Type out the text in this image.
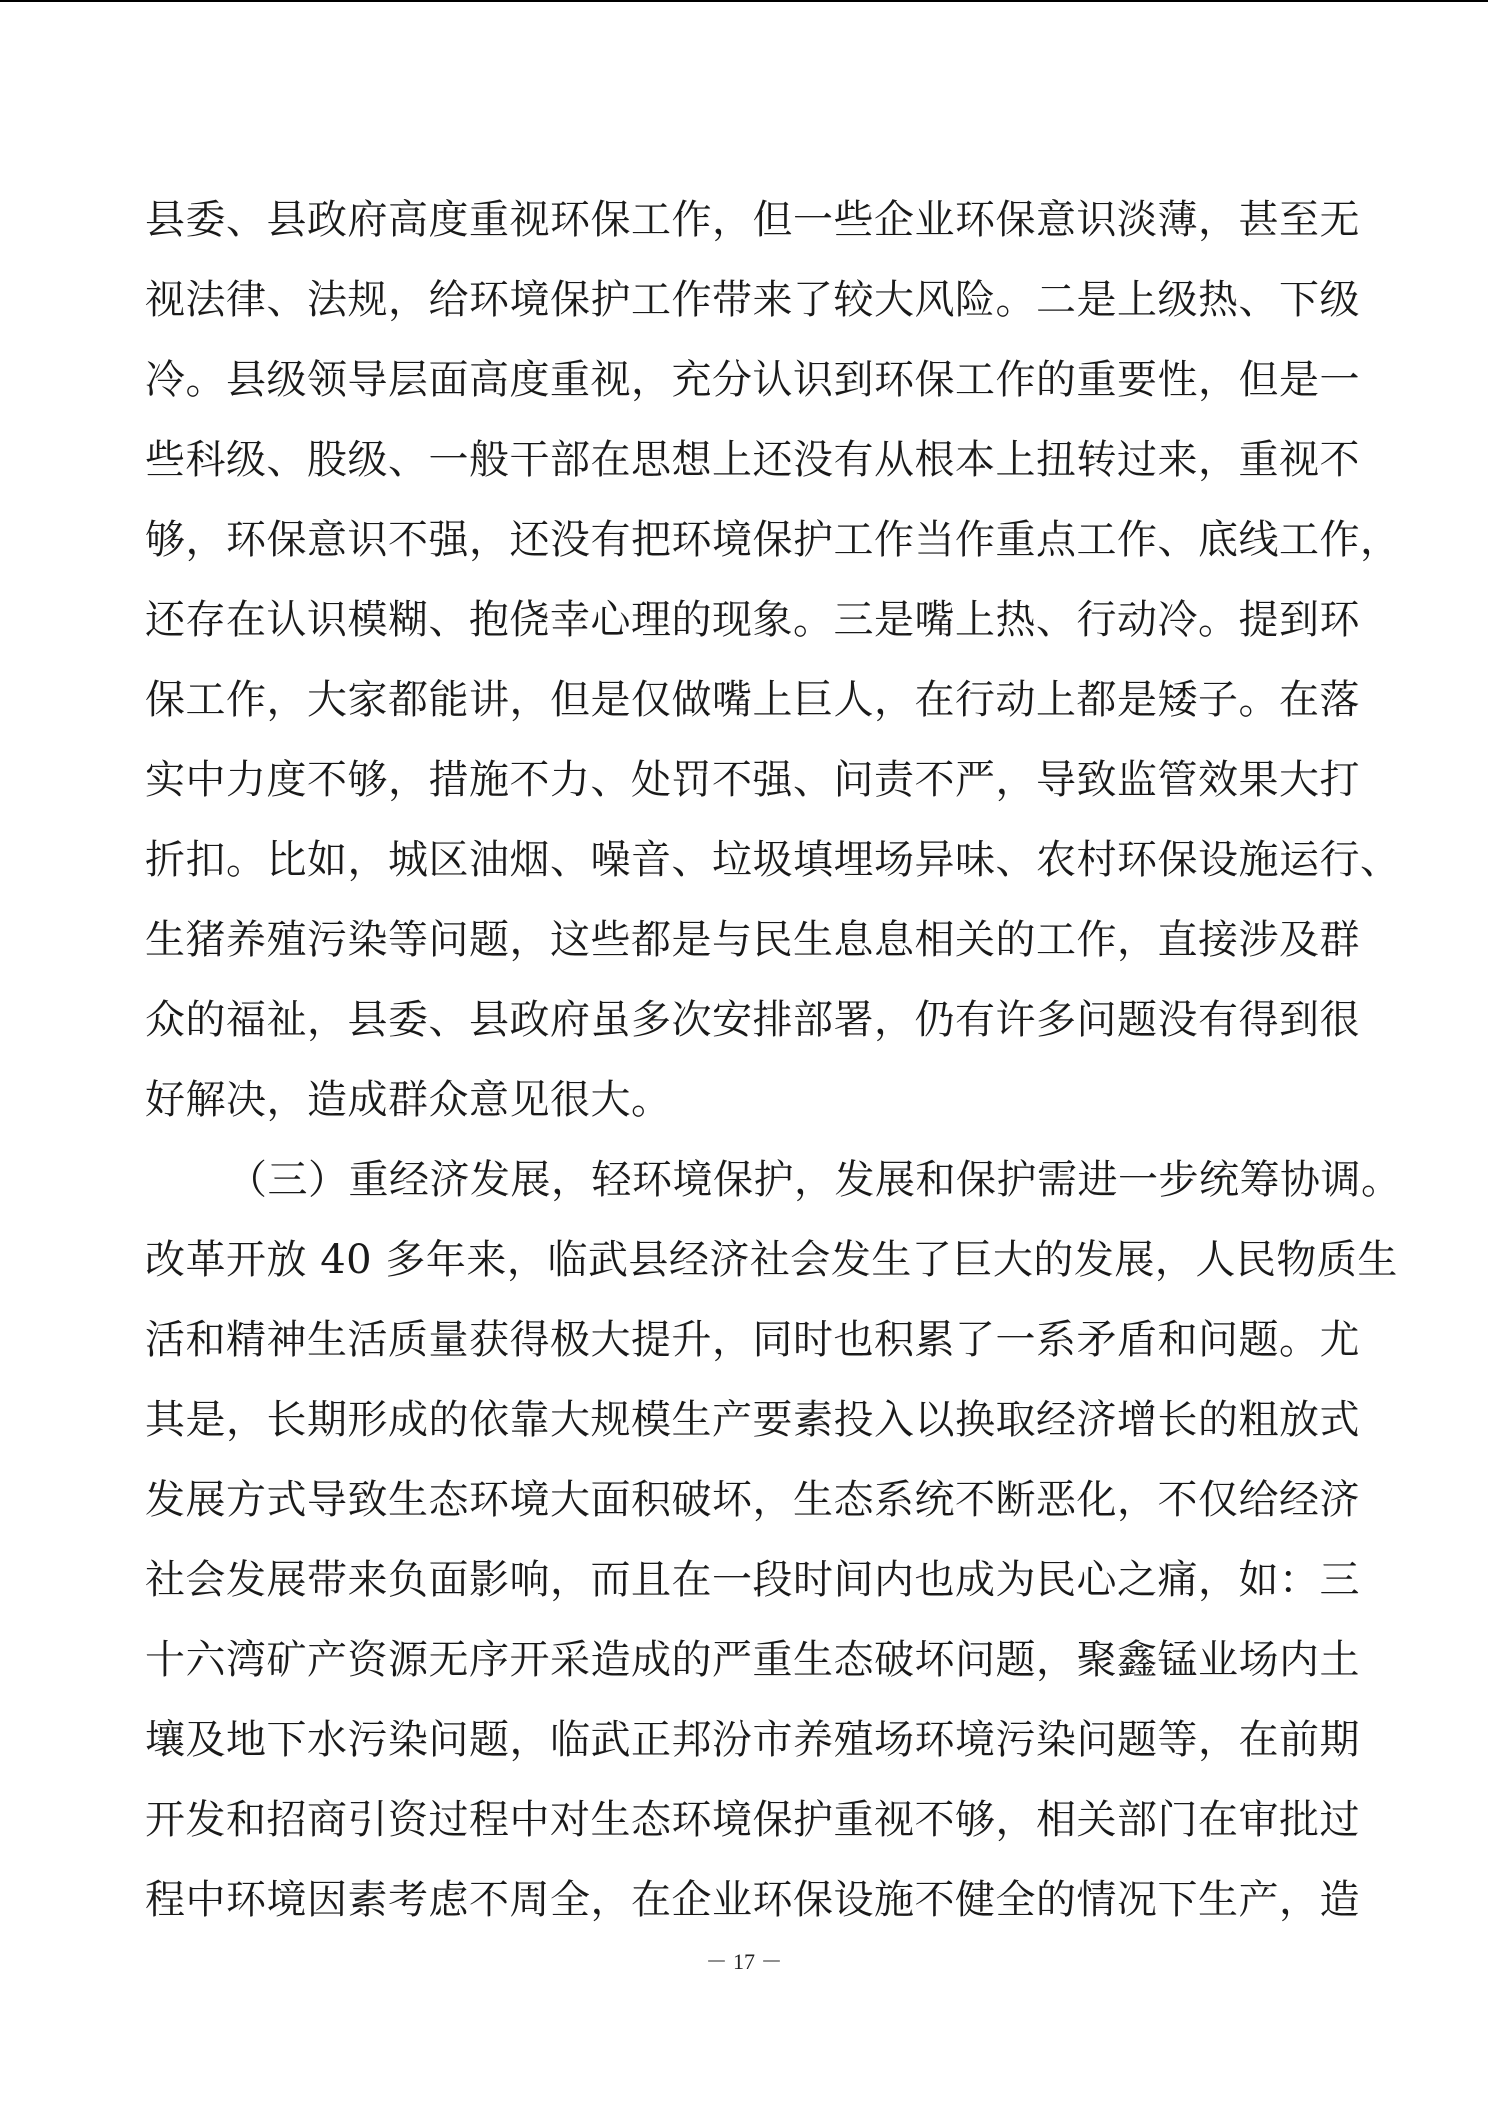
县委、县政府高度重视环保工作，但一些企业环保意识淡薄，甚至无
视法律、法规，给环境保护工作带来了较大风险。二是上级热、下级
冷。县级领导层面高度重视，充分认识到环保工作的重要性，但是一
些科级、股级、一般干部在思想上还没有从根本上扭转过来，重视不
够，环保意识不强，还没有把环境保护工作当作重点工作、底线工作，
还存在认识模糊、抱侥幸心理的现象。三是嘴上热、行动冷。提到环
保工作，大家都能讲，但是仅做嘴上巨人，在行动上都是矮子。在落
实中力度不够，措施不力、处罚不强、问责不严，导致监管效果大打
折扣。比如，城区油烟、噪音、垃圾填埋场异味、农村环保设施运行、
生猪养殖污染等问题，这些都是与民生息息相关的工作，直接涉及群
众的福祉，县委、县政府虽多次安排部署，仍有许多问题没有得到很
好解决，造成群众意见很大。
（三）重经济发展，轻环境保护，发展和保护需进一步统筹协调。
改革开放 40 多年来，临武县经济社会发生了巨大的发展，人民物质生
活和精神生活质量获得极大提升，同时也积累了一系矛盾和问题。尤
其是，长期形成的依靠大规模生产要素投入以换取经济增长的粗放式
发展方式导致生态环境大面积破坏，生态系统不断恶化，不仅给经济
社会发展带来负面影响，而且在一段时间内也成为民心之痛，如：三
十六湾矿产资源无序开采造成的严重生态破坏问题，聚鑫锰业场内土
壤及地下水污染问题，临武正邦汾市养殖场环境污染问题等，在前期
开发和招商引资过程中对生态环境保护重视不够，相关部门在审批过
程中环境因素考虑不周全，在企业环保设施不健全的情况下生产，造
－ 17 －
